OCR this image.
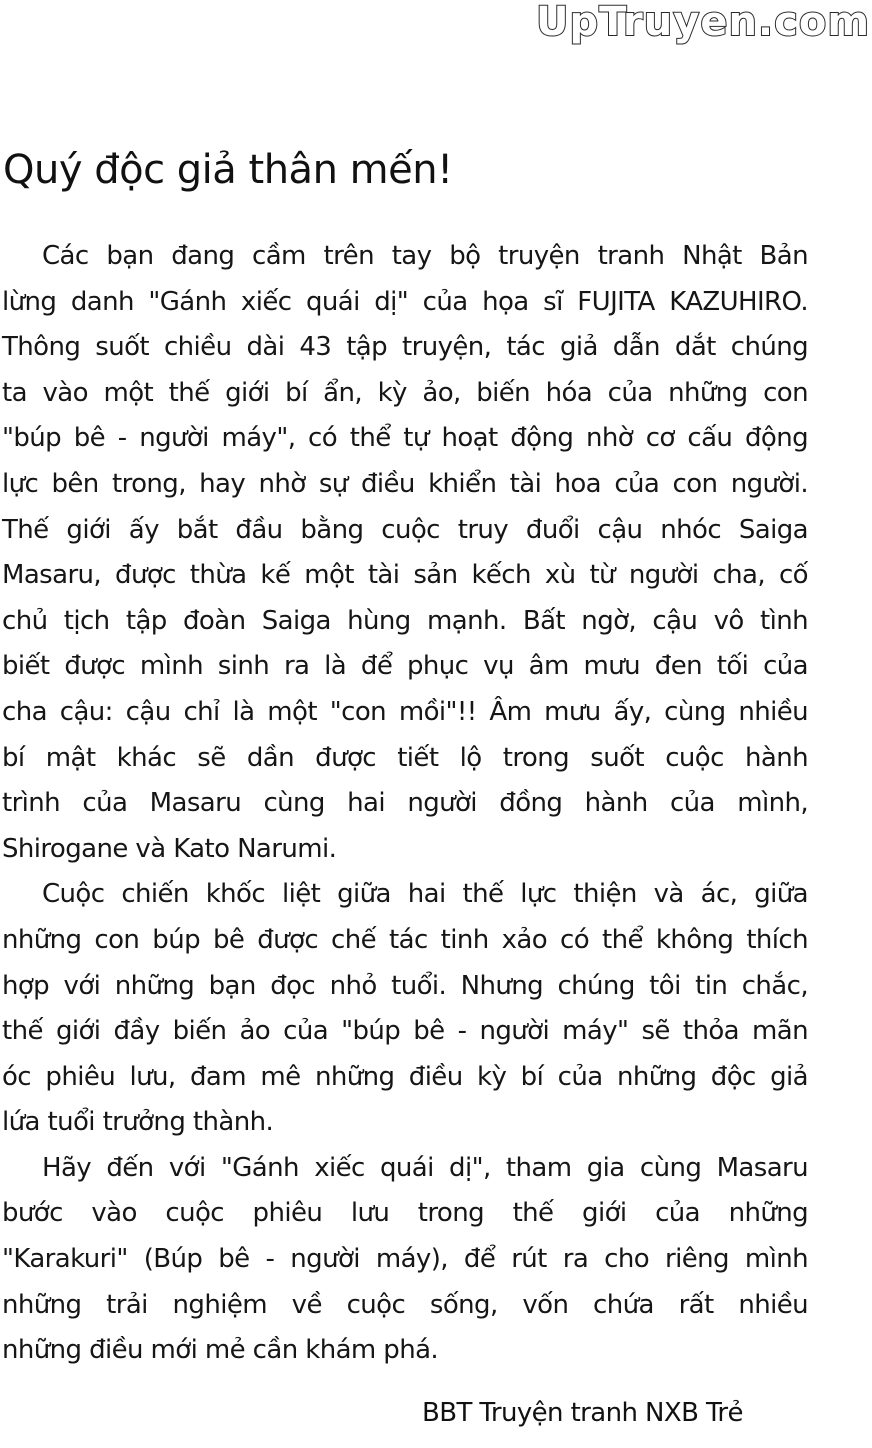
UpTruyen.com
Quý độc giả thân mến!
Các bạn đang cầm trên tay bộ truyện tranh Nhật Bản
lừng danh "Gánh xiếc quái dị" của họa sĩ FUJITA KAZUHIRO.
Thông suốt chiều dài 43 tập truyện, tác giả dẫn dắt chúng
ta vào một thế giới bí ẩn, kỳ ảo, biến hóa của những con
"búp bê - người máy", có thể tự hoạt động nhờ cơ cấu động
lực bên trong, hay nhờ sự điều khiển tài hoa của con người.
Thế giới ấy bắt đầu bằng cuộc truy đuổi cậu nhóc Saiga
Masaru, được thừa kế một tài sản kếch xù từ người cha, cố
chủ tịch tập đoàn Saiga hùng mạnh. Bất ngờ, cậu vô tình
biết được mình sinh ra là để phục vụ âm mưu đen tối của
cha cậu: cậu chỉ là một "con mồi"!! Âm mưu ấy, cùng nhiều
bí mật khác sẽ dần được tiết lộ trong suốt cuộc hành
trình của Masaru cùng hai người đồng hành của mình,
Shirogane và Kato Narumi.
Cuộc chiến khốc liệt giữa hai thế lực thiện và ác, giữa
những con búp bê được chế tác tinh xảo có thể không thích
hợp với những bạn đọc nhỏ tuổi. Nhưng chúng tôi tin chắc,
thế giới đầy biến ảo của "búp bê - người máy" sẽ thỏa mãn
óc phiêu lưu, đam mê những điều kỳ bí của những độc giả
lứa tuổi trưởng thành.
Hãy đến với "Gánh xiếc quái dị", tham gia cùng Masaru
bước vào cuộc phiêu lưu trong thế giới của những
"Karakuri" (Búp bê - người máy), để rút ra cho riêng mình
những trải nghiệm về cuộc sống, vốn chứa rất nhiều
những điều mới mẻ cần khám phá.
BBT Truyện tranh NXB Trẻ
